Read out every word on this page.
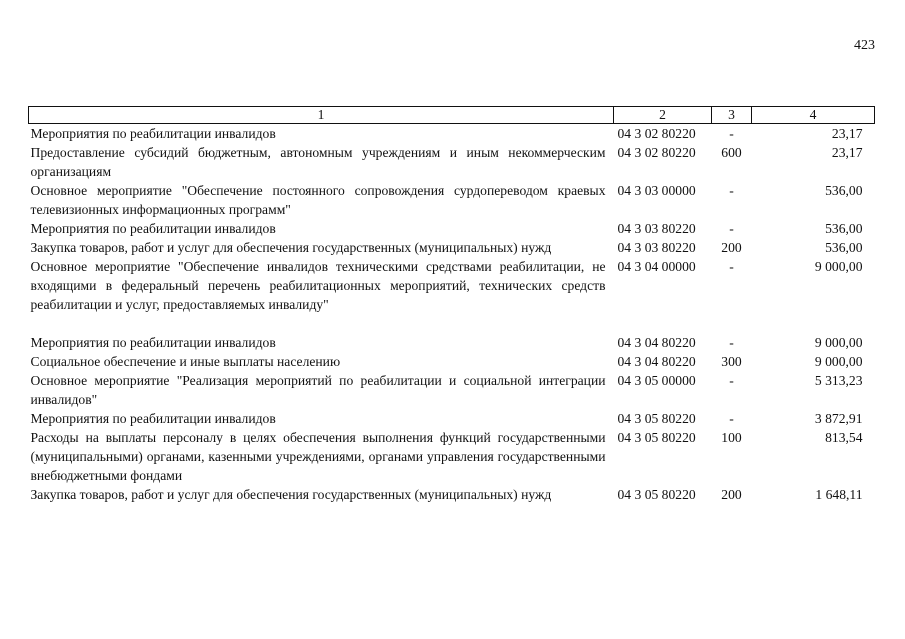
423
1	2	3	4
Мероприятия по реабилитации инвалидов	04 3 02 80220	-	23,17
Предоставление субсидий бюджетным, автономным учреждениям и иным некоммерческим организациям	04 3 02 80220	600	23,17
Основное мероприятие "Обеспечение постоянного сопровождения сурдопереводом краевых телевизионных информационных программ"	04 3 03 00000	-	536,00
Мероприятия по реабилитации инвалидов	04 3 03 80220	-	536,00
Закупка товаров, работ и услуг для обеспечения государственных (муниципальных) нужд	04 3 03 80220	200	536,00
Основное мероприятие "Обеспечение инвалидов техническими средствами реабилитации, не входящими в федеральный перечень реабилитационных мероприятий, технических средств реабилитации и услуг, предоставляемых инвалиду"	04 3 04 00000	-	9 000,00

Мероприятия по реабилитации инвалидов	04 3 04 80220	-	9 000,00
Социальное обеспечение и иные выплаты населению	04 3 04 80220	300	9 000,00
Основное мероприятие "Реализация мероприятий по реабилитации и социальной интеграции инвалидов"	04 3 05 00000	-	5 313,23
Мероприятия по реабилитации инвалидов	04 3 05 80220	-	3 872,91
Расходы на выплаты персоналу в целях обеспечения выполнения функций государственными (муниципальными) органами, казенными учреждениями, органами управления государственными внебюджетными фондами	04 3 05 80220	100	813,54
Закупка товаров, работ и услуг для обеспечения государственных (муниципальных) нужд	04 3 05 80220	200	1 648,11
